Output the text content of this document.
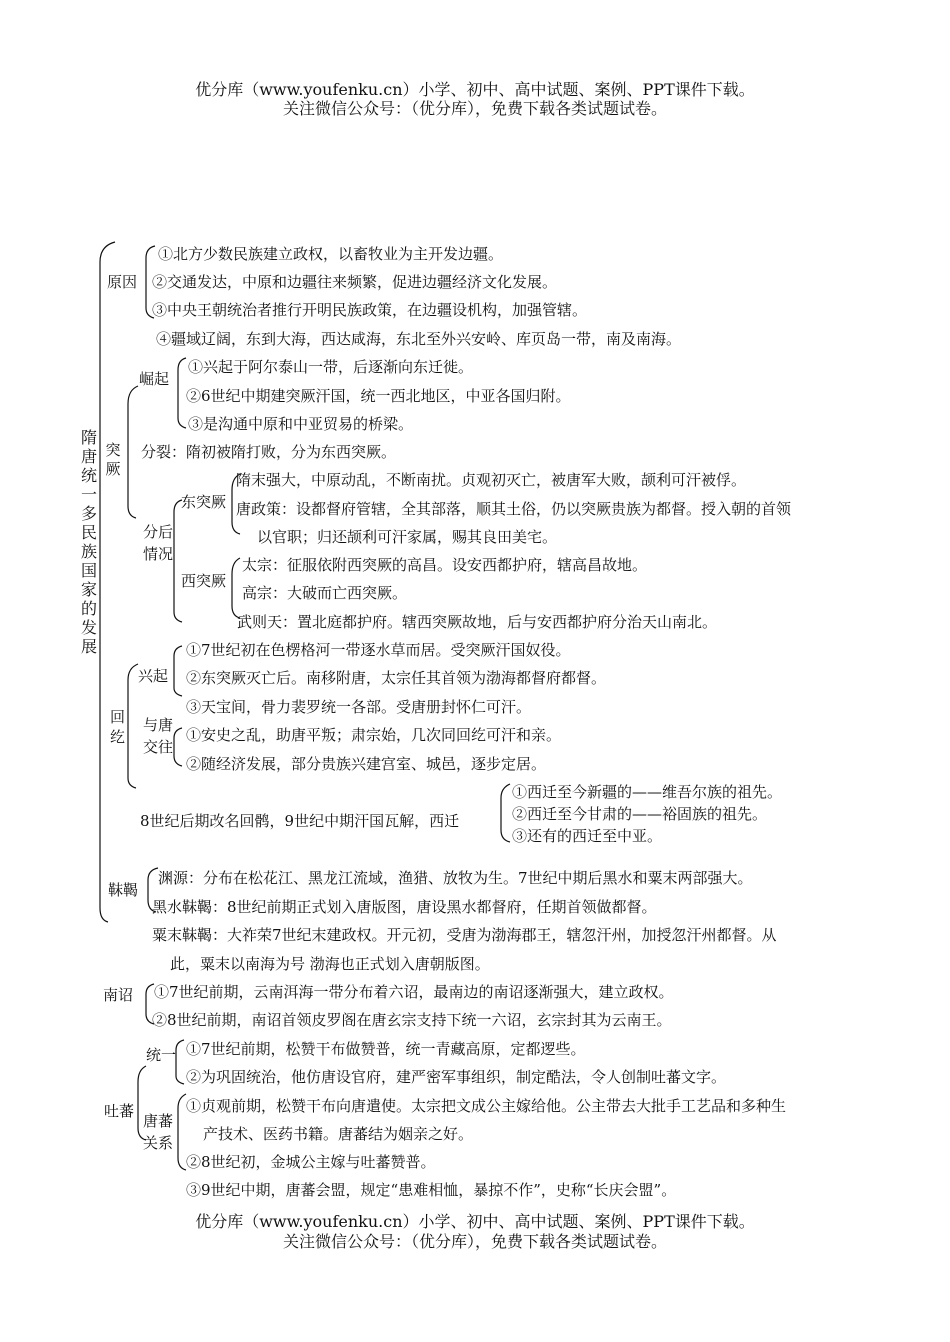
优分库（www.youfenku.cn）小学、初中、高中试题、案例、PPT课件下载。
关注微信公众号：（优分库），免费下载各类试题试卷。
隋
唐
统
一
多
民
族
国
家
的
发
展
原因
①北方少数民族建立政权，以畜牧业为主开发边疆。
②交通发达，中原和边疆往来频繁，促进边疆经济文化发展。
③中央王朝统治者推行开明民族政策，在边疆设机构，加强管辖。
④疆域辽阔，东到大海，西达咸海，东北至外兴安岭、库页岛一带，南及南海。
突
厥
崛起
①兴起于阿尔泰山一带，后逐渐向东迁徙。
②6世纪中期建突厥汗国，统一西北地区，中亚各国归附。
③是沟通中原和中亚贸易的桥梁。
分裂：隋初被隋打败，分为东西突厥。
分后
情况
东突厥
隋末强大，中原动乱，不断南扰。贞观初灭亡，被唐军大败，颉利可汗被俘。
唐政策：设都督府管辖，全其部落，顺其土俗，仍以突厥贵族为都督。授入朝的首领
以官职；归还颉利可汗家属，赐其良田美宅。
西突厥
太宗：征服依附西突厥的高昌。设安西都护府，辖高昌故地。
高宗：大破而亡西突厥。
武则天：置北庭都护府。辖西突厥故地，后与安西都护府分治天山南北。
回
纥
兴起
①7世纪初在色楞格河一带逐水草而居。受突厥汗国奴役。
②东突厥灭亡后。南移附唐，太宗任其首领为渤海都督府都督。
③天宝间，骨力裴罗统一各部。受唐册封怀仁可汗。
与唐
交往
①安史之乱，助唐平叛；肃宗始，几次同回纥可汗和亲。
②随经济发展，部分贵族兴建宫室、城邑，逐步定居。
8世纪后期改名回鹘，9世纪中期汗国瓦解，西迁
①西迁至今新疆的——维吾尔族的祖先。
②西迁至今甘肃的——裕固族的祖先。
③还有的西迁至中亚。
靺鞨
渊源：分布在松花江、黑龙江流域，渔猎、放牧为生。7世纪中期后黑水和粟末两部强大。
黑水靺鞨：8世纪前期正式划入唐版图，唐设黑水都督府，任期首领做都督。
粟末靺鞨：大祚荣7世纪末建政权。开元初，受唐为渤海郡王，辖忽汗州，加授忽汗州都督。从
此，粟末以南海为号 渤海也正式划入唐朝版图。
南诏 ①7世纪前期，云南洱海一带分布着六诏，最南边的南诏逐渐强大，建立政权。
②8世纪前期，南诏首领皮罗阁在唐玄宗支持下统一六诏，玄宗封其为云南王。
吐蕃
统一 ①7世纪前期，松赞干布做赞普，统一青藏高原，定都逻些。
②为巩固统治，他仿唐设官府，建严密军事组织，制定酷法，令人创制吐蕃文字。
唐蕃
关系
①贞观前期，松赞干布向唐遣使。太宗把文成公主嫁给他。公主带去大批手工艺品和多种生
产技术、医药书籍。唐蕃结为姻亲之好。
②8世纪初，金城公主嫁与吐蕃赞普。
③9世纪中期，唐蕃会盟，规定“患难相恤，暴掠不作”，史称“长庆会盟”。
优分库（www.youfenku.cn）小学、初中、高中试题、案例、PPT课件下载。
关注微信公众号：（优分库），免费下载各类试题试卷。
